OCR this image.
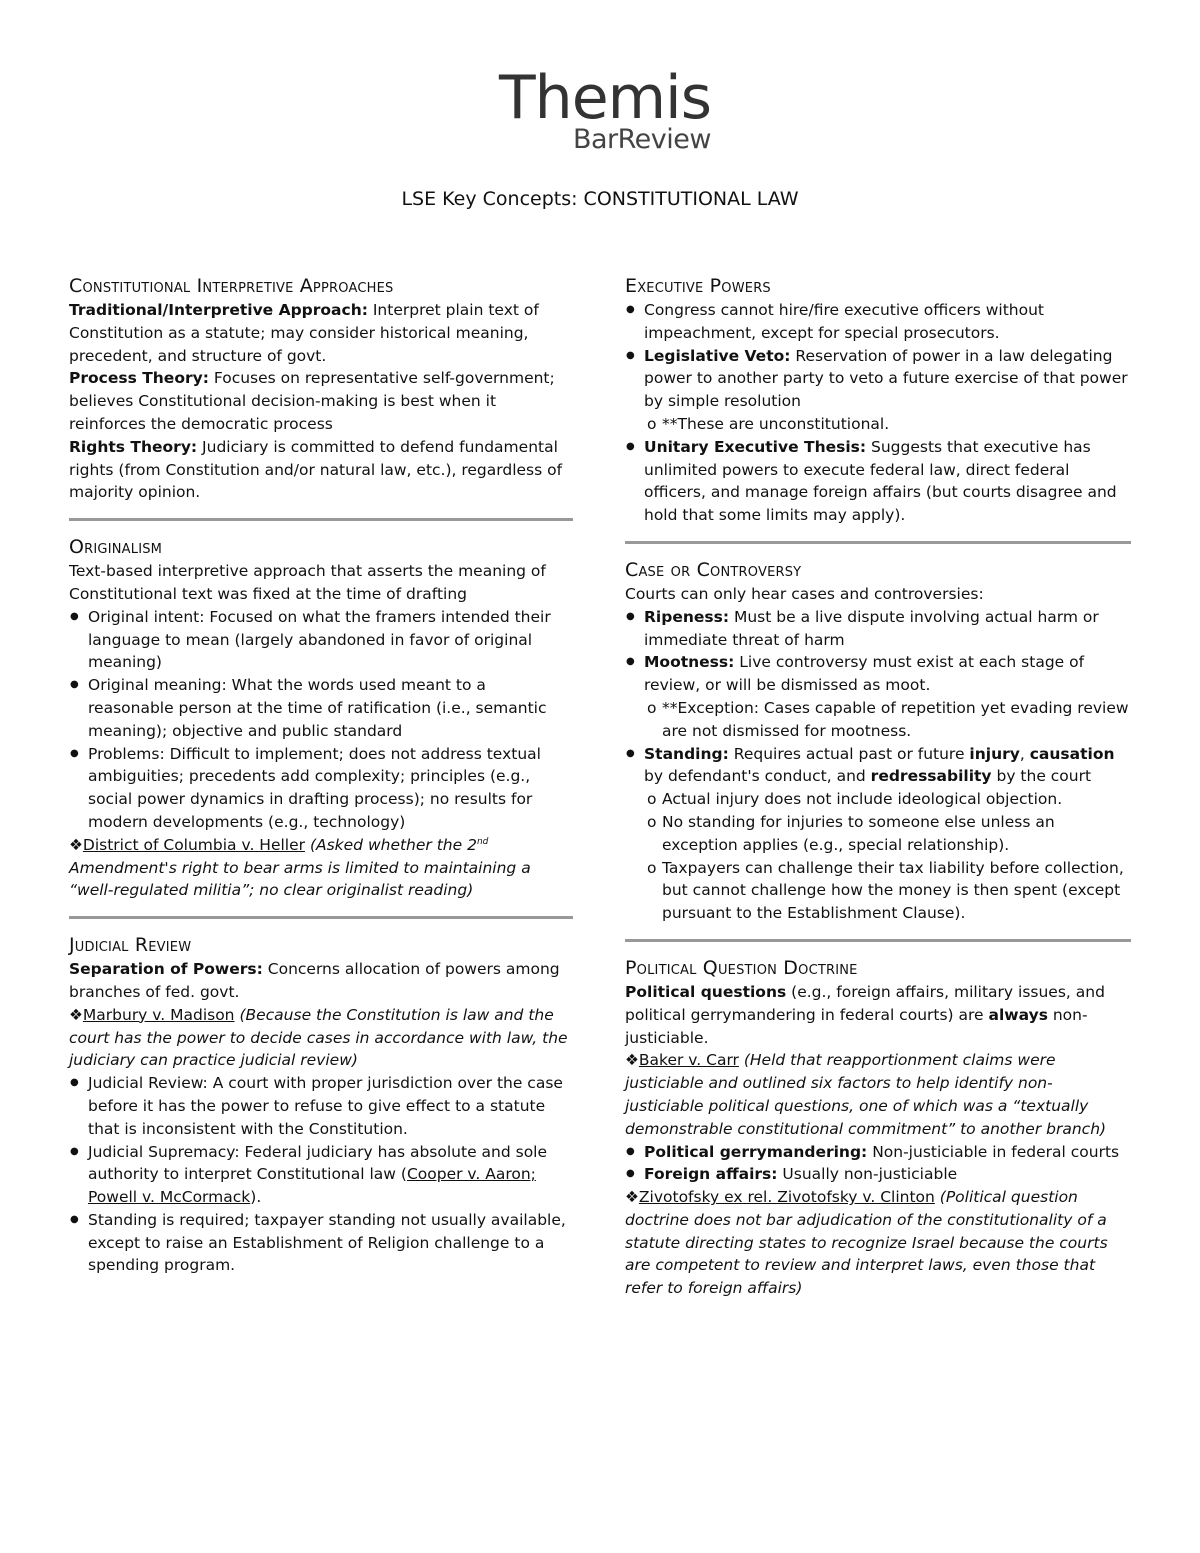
Themis
BarReview
LSE Key Concepts: CONSTITUTIONAL LAW
Constitutional Interpretive Approaches

Traditional/Interpretive Approach: Interpret plain text of Constitution as a statute; may consider historical meaning, precedent, and structure of govt.

Process Theory: Focuses on representative self-government; believes Constitutional decision-making is best when it reinforces the democratic process

Rights Theory: Judiciary is committed to defend fundamental rights (from Constitution and/or natural law, etc.), regardless of majority opinion.

Originalism

Text-based interpretive approach that asserts the meaning of Constitutional text was fixed at the time of drafting

● Original intent: Focused on what the framers intended their language to mean (largely abandoned in favor of original meaning)
● Original meaning: What the words used meant to a reasonable person at the time of ratification (i.e., semantic meaning); objective and public standard
● Problems: Difficult to implement; does not address textual ambiguities; precedents add complexity; principles (e.g., social power dynamics in drafting process); no results for modern developments (e.g., technology)

❖District of Columbia v. Heller (Asked whether the 2nd Amendment's right to bear arms is limited to maintaining a “well-regulated militia”; no clear originalist reading)

Judicial Review

Separation of Powers: Concerns allocation of powers among branches of fed. govt.

❖Marbury v. Madison (Because the Constitution is law and the court has the power to decide cases in accordance with law, the judiciary can practice judicial review)

● Judicial Review: A court with proper jurisdiction over the case before it has the power to refuse to give effect to a statute that is inconsistent with the Constitution.
● Judicial Supremacy: Federal judiciary has absolute and sole authority to interpret Constitutional law (Cooper v. Aaron; Powell v. McCormack).
● Standing is required; taxpayer standing not usually available, except to raise an Establishment of Religion challenge to a spending program.
Executive Powers
● Congress cannot hire/fire executive officers without impeachment, except for special prosecutors.
● Legislative Veto: Reservation of power in a law delegating power to another party to veto a future exercise of that power by simple resolution
o **These are unconstitutional.
● Unitary Executive Thesis: Suggests that executive has unlimited powers to execute federal law, direct federal officers, and manage foreign affairs (but courts disagree and hold that some limits may apply).
Case or Controversy

Courts can only hear cases and controversies:

● Ripeness: Must be a live dispute involving actual harm or immediate threat of harm
● Mootness: Live controversy must exist at each stage of review, or will be dismissed as moot.
o **Exception: Cases capable of repetition yet evading review are not dismissed for mootness.
● Standing: Requires actual past or future injury, causation by defendant's conduct, and redressability by the court
o Actual injury does not include ideological objection.
o No standing for injuries to someone else unless an exception applies (e.g., special relationship).
o Taxpayers can challenge their tax liability before collection, but cannot challenge how the money is then spent (except pursuant to the Establishment Clause).
Political Question Doctrine

Political questions (e.g., foreign affairs, military issues, and political gerrymandering in federal courts) are always non-justiciable.

❖Baker v. Carr (Held that reapportionment claims were justiciable and outlined six factors to help identify non-justiciable political questions, one of which was a “textually demonstrable constitutional commitment” to another branch)

● Political gerrymandering: Non-justiciable in federal courts
● Foreign affairs: Usually non-justiciable

❖Zivotofsky ex rel. Zivotofsky v. Clinton (Political question doctrine does not bar adjudication of the constitutionality of a statute directing states to recognize Israel because the courts are competent to review and interpret laws, even those that refer to foreign affairs)
